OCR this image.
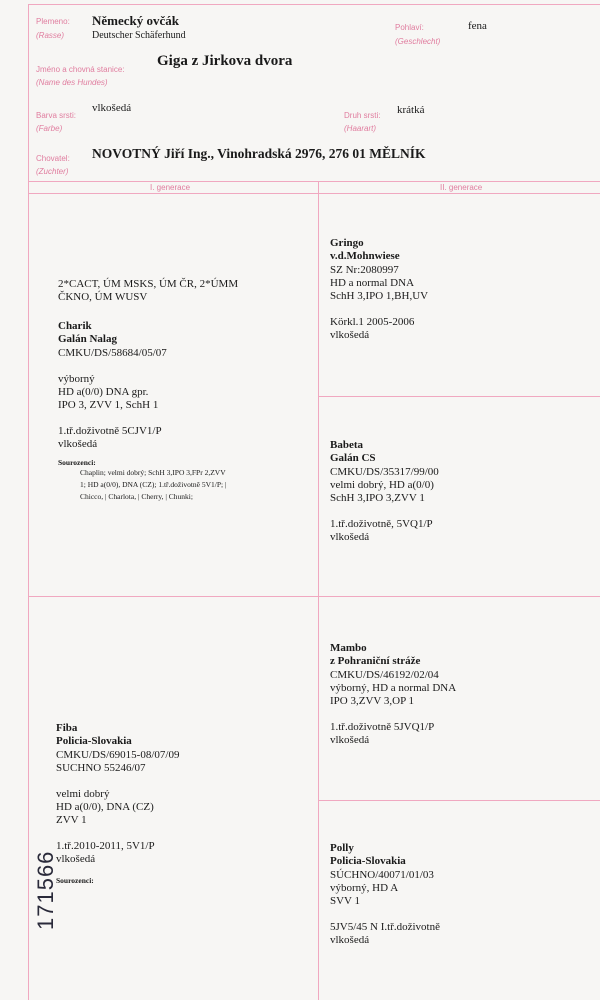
Plemeno:
(Rasse)
Německý ovčák
Deutscher Schäferhund
Pohlaví:
(Geschlecht)
fena
Jméno a chovná stanice:
(Name des Hundes)
Giga z Jirkova dvora
Barva srsti:
(Farbe)
vlkošedá
Druh srsti:
(Haarart)
krátká
Chovatel:
(Zuchter)
NOVOTNÝ Jiří Ing., Vinohradská 2976, 276 01 MĚLNÍK
I. generace	II. generace
2*CACT, ÚM MSKS, ÚM ČR, 2*ÚMM
ČKNO, ÚM WUSV
Charik
Galán Nalag
CMKU/DS/58684/05/07

výborný
HD a(0/0) DNA gpr.
IPO 3, ZVV 1, SchH 1

1.tř.doživotně 5CJV1/P
vlkošedá
Sourozenci:
Chaplin; velmi dobrý; SchH 3,IPO 3,FPr 2,ZVV
1; HD a(0/0), DNA (CZ); 1.tř.doživotně 5V1/P; |
Chicco, | Charlota, | Cherry, | Chunki;
Fiba
Policia-Slovakia
CMKU/DS/69015-08/07/09
SUCHNO 55246/07

velmi dobrý
HD a(0/0), DNA (CZ)
ZVV 1

1.tř.2010-2011, 5V1/P
vlkošedá
Sourozenci:
Gringo
v.d.Mohnwiese
SZ Nr:2080997
HD a normal DNA
SchH 3,IPO 1,BH,UV

Körkl.1 2005-2006
vlkošedá
Babeta
Galán CS
CMKU/DS/35317/99/00
velmi dobrý, HD a(0/0)
SchH 3,IPO 3,ZVV 1

1.tř.doživotně, 5VQ1/P
vlkošedá
Mambo
z Pohraniční stráže
CMKU/DS/46192/02/04
výborný, HD a normal DNA
IPO 3,ZVV 3,OP 1

1.tř.doživotně 5JVQ1/P
vlkošedá
Polly
Policia-Slovakia
SÚCHNO/40071/01/03
výborný, HD A
SVV 1

5JV5/45 N I.tř.doživotně
vlkošedá
171566
